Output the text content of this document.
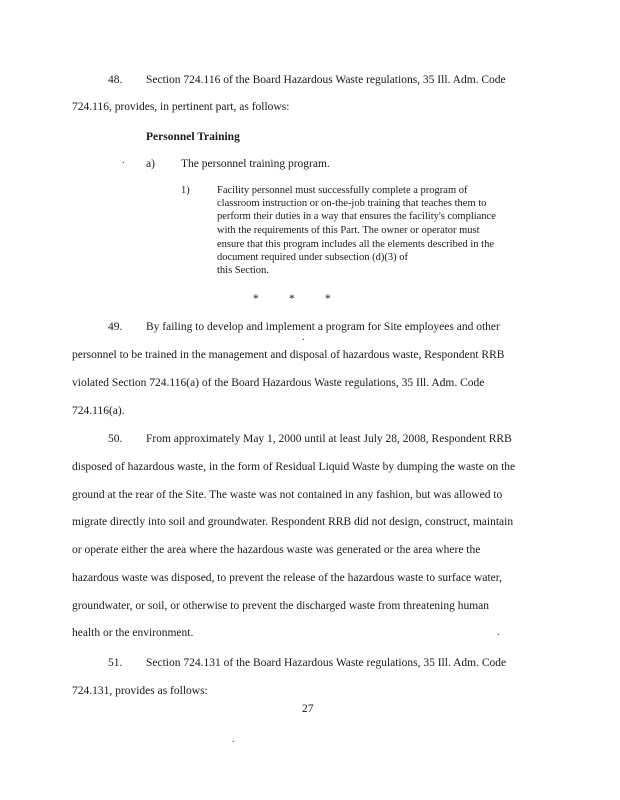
48. Section 724.116 of the Board Hazardous Waste regulations, 35 Ill. Adm. Code
724.116, provides, in pertinent part, as follows:
Personnel Training
a) The personnel training program.
1)	Facility personnel must successfully complete a program of
classroom instruction or on-the-job training that teaches them to
perform their duties in a way that ensures the facility's compliance
with the requirements of this Part. The owner or operator must
ensure that this program includes all the elements described in the
document required under subsection (d)(3) of
this Section.
*	*	*
49. By failing to develop and implement a program for Site employees and other
personnel to be trained in the management and disposal of hazardous waste, Respondent RRB
violated Section 724.116(a) of the Board Hazardous Waste regulations, 35 Ill. Adm. Code
724.116(a).
50. From approximately May 1, 2000 until at least July 28, 2008, Respondent RRB
disposed of hazardous waste, in the form of Residual Liquid Waste by dumping the waste on the
ground at the rear of the Site. The waste was not contained in any fashion, but was allowed to
migrate directly into soil and groundwater. Respondent RRB did not design, construct, maintain
or operate either the area where the hazardous waste was generated or the area where the
hazardous waste was disposed, to prevent the release of the hazardous waste to surface water,
groundwater, or soil, or otherwise to prevent the discharged waste from threatening human
health or the environment.
51. Section 724.131 of the Board Hazardous Waste regulations, 35 Ill. Adm. Code
724.131, provides as follows:
27
.
.
.
.
